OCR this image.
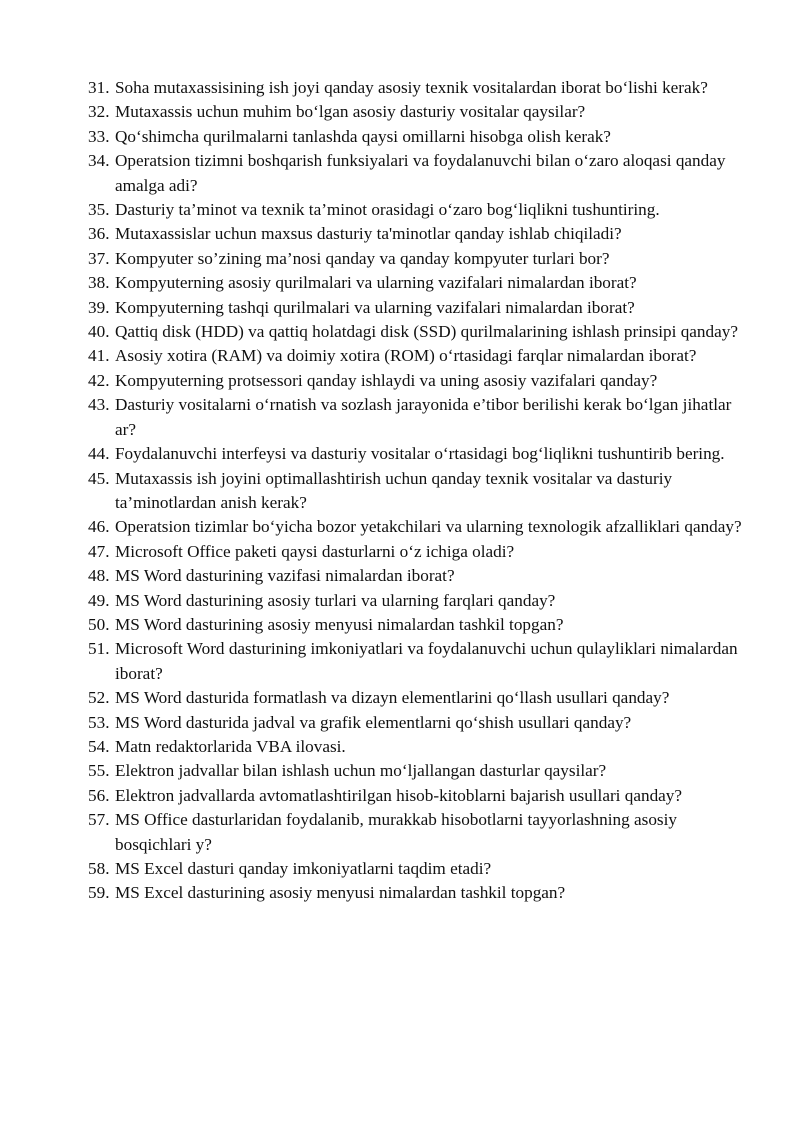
31. Soha mutaxassisining ish joyi qanday asosiy texnik vositalardan iborat bo‘lishi kerak?
32. Mutaxassis uchun muhim bo‘lgan asosiy dasturiy vositalar qaysilar?
33. Qo‘shimcha qurilmalarni tanlashda qaysi omillarni hisobga olish kerak?
34. Operatsion tizimni boshqarish funksiyalari va foydalanuvchi bilan o‘zaro aloqasi qanday amalga adi?
35. Dasturiy ta’minot va texnik ta’minot orasidagi o‘zaro bog‘liqlikni tushuntiring.
36. Mutaxassislar uchun maxsus dasturiy ta'minotlar qanday ishlab chiqiladi?
37. Kompyuter so’zining ma’nosi qanday va qanday kompyuter turlari bor?
38. Kompyuterning asosiy qurilmalari va ularning vazifalari nimalardan iborat?
39. Kompyuterning tashqi qurilmalari va ularning vazifalari nimalardan iborat?
40. Qattiq disk (HDD) va qattiq holatdagi disk (SSD) qurilmalarining ishlash prinsipi qanday?
41. Asosiy xotira (RAM) va doimiy xotira (ROM) o‘rtasidagi farqlar nimalardan iborat?
42. Kompyuterning protsessori qanday ishlaydi va uning asosiy vazifalari qanday?
43. Dasturiy vositalarni o‘rnatish va sozlash jarayonida e’tibor berilishi kerak bo‘lgan jihatlar ar?
44. Foydalanuvchi interfeysi va dasturiy vositalar o‘rtasidagi bog‘liqlikni tushuntirib bering.
45. Mutaxassis ish joyini optimallashtirish uchun qanday texnik vositalar va dasturiy ta’minotlardan anish kerak?
46. Operatsion tizimlar bo‘yicha bozor yetakchilari va ularning texnologik afzalliklari qanday?
47. Microsoft Office paketi qaysi dasturlarni o‘z ichiga oladi?
48. MS Word dasturining vazifasi nimalardan iborat?
49. MS Word dasturining asosiy turlari va ularning farqlari qanday?
50. MS Word dasturining asosiy menyusi nimalardan tashkil topgan?
51. Microsoft Word dasturining imkoniyatlari va foydalanuvchi uchun qulayliklari nimalardan iborat?
52. MS Word dasturida formatlash va dizayn elementlarini qo‘llash usullari qanday?
53. MS Word dasturida jadval va grafik elementlarni qo‘shish usullari qanday?
54. Matn redaktorlarida VBA ilovasi.
55. Elektron jadvallar bilan ishlash uchun mo‘ljallangan dasturlar qaysilar?
56. Elektron jadvallarda avtomatlashtirilgan hisob-kitoblarni bajarish usullari qanday?
57. MS Office dasturlaridan foydalanib, murakkab hisobotlarni tayyorlashning asosiy bosqichlari y?
58. MS Excel dasturi qanday imkoniyatlarni taqdim etadi?
59. MS Excel dasturining asosiy menyusi nimalardan tashkil topgan?
